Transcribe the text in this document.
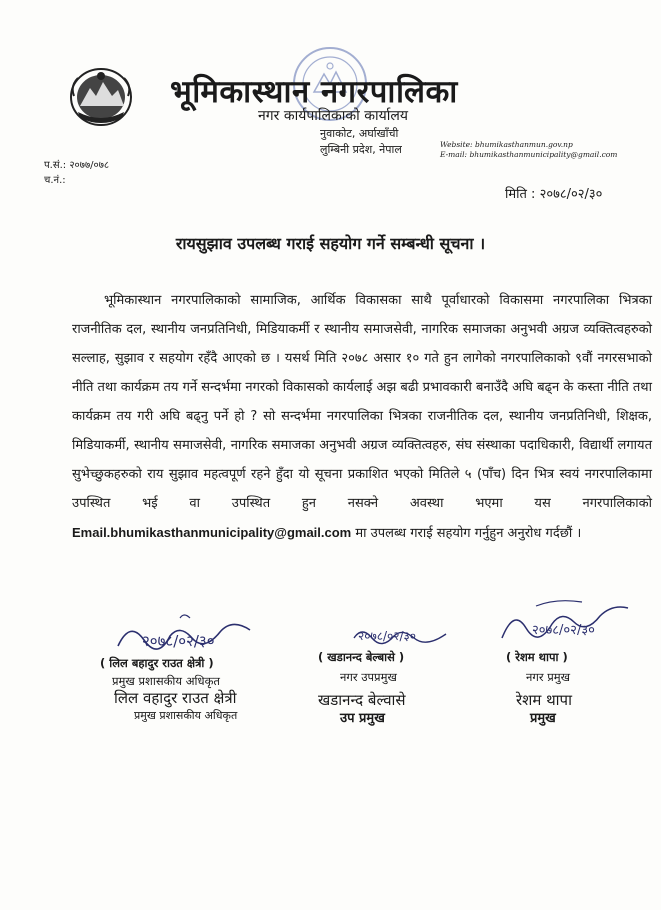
भूमिकास्थान नगरपालिका
नगर कार्यपालिकाको कार्यालय
नुवाकोट, अर्घाखाँची
लुम्बिनी प्रदेश, नेपाल	Website: bhumikasthanmun.gov.np
E-mail: bhumikasthanmunicipality@gmail.com
प.सं.: २०७७/०७८
च.नं.:
मिति : २०७८/०२/३०
रायसुझाव उपलब्ध गराई सहयोग गर्ने सम्बन्धी सूचना ।
भूमिकास्थान नगरपालिकाको सामाजिक, आर्थिक विकासका साथै पूर्वाधारको विकासमा नगरपालिका भित्रका राजनीतिक दल, स्थानीय जनप्रतिनिधी, मिडियाकर्मी र स्थानीय समाजसेवी, नागरिक समाजका अनुभवी अग्रज व्यक्तित्वहरुको सल्लाह, सुझाव र सहयोग रहँदै आएको छ । यसर्थ मिति २०७८ असार १० गते हुन लागेको नगरपालिकाको ९वौं नगरसभाको नीति तथा कार्यक्रम तय गर्ने सन्दर्भमा नगरको विकासको कार्यलाई अझ बढी प्रभावकारी बनाउँदै अघि बढ्न के कस्ता नीति तथा कार्यक्रम तय गरी अघि बढ्नु पर्ने हो ? सो सन्दर्भमा नगरपालिका भित्रका राजनीतिक दल, स्थानीय जनप्रतिनिधी, शिक्षक, मिडियाकर्मी, स्थानीय समाजसेवी, नागरिक समाजका अनुभवी अग्रज व्यक्तित्वहरु, संघ संस्थाका पदाधिकारी, विद्यार्थी लगायत सुभेच्छुकहरुको राय सुझाव महत्वपूर्ण रहने हुँदा यो सूचना प्रकाशित भएको मितिले ५ (पाँच) दिन भित्र स्वयं नगरपालिकामा उपस्थित भई वा उपस्थित हुन नसक्ने अवस्था भएमा यस नगरपालिकाको Email.bhumikasthanmunicipality@gmail.com मा उपलब्ध गराई सहयोग गर्नुहुन अनुरोध गर्दछौं ।
२०७८/०२/३०
( लिल बहादुर राउत क्षेत्री )
प्रमुख प्रशासकीय अधिकृत
लिल वहादुर राउत क्षेत्री
प्रमुख प्रशासकीय अधिकृत
२०७८/०२/३०
( खडानन्द बेल्बासे )
नगर उपप्रमुख
खडानन्द बेल्वासे
उप प्रमुख
२०७८/०२/३०
( रेशम थापा )
नगर प्रमुख
रेशम थापा
प्रमुख
